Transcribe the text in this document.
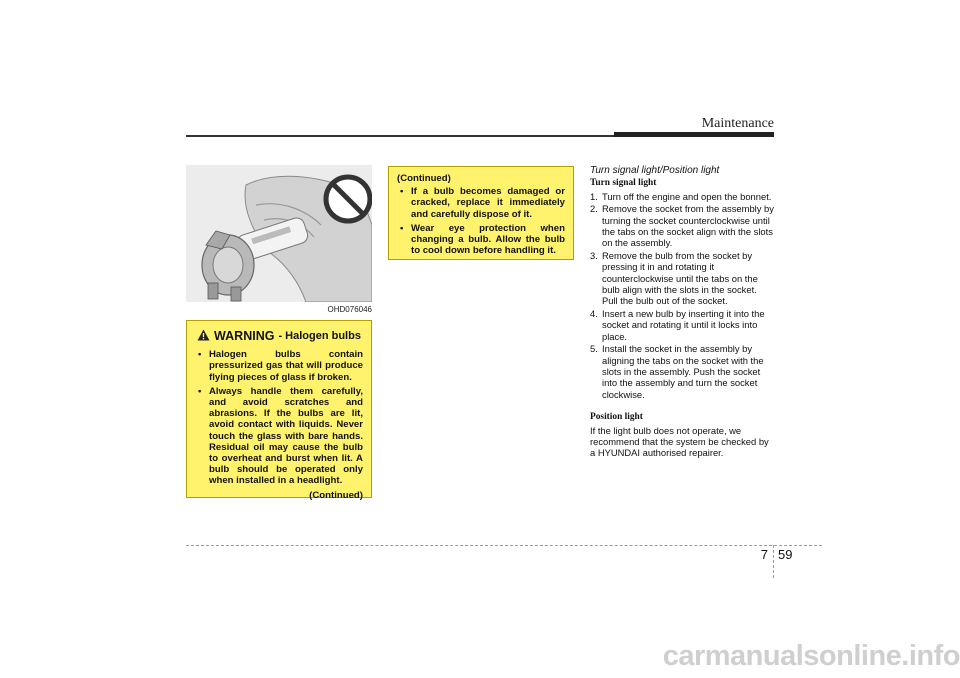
Maintenance
OHD076046
WARNING - Halogen bulbs
• Halogen bulbs contain pressurized gas that will produce flying pieces of glass if broken.
• Always handle them carefully, and avoid scratches and abrasions. If the bulbs are lit, avoid contact with liquids. Never touch the glass with bare hands. Residual oil may cause the bulb to overheat and burst when lit. A bulb should be operated only when installed in a headlight.
(Continued)
(Continued)
• If a bulb becomes damaged or cracked, replace it immediately and carefully dispose of it.
• Wear eye protection when changing a bulb. Allow the bulb to cool down before handling it.
Turn signal light/Position light
Turn signal light
1. Turn off the engine and open the bonnet.
2. Remove the socket from the assembly by turning the socket counterclockwise until the tabs on the socket align with the slots on the assembly.
3. Remove the bulb from the socket by pressing it in and rotating it counterclockwise until the tabs on the bulb align with the slots in the socket. Pull the bulb out of the socket.
4. Insert a new bulb by inserting it into the socket and rotating it until it locks into place.
5. Install the socket in the assembly by aligning the tabs on the socket with the slots in the assembly. Push the socket into the assembly and turn the socket clockwise.
Position light

If the light bulb does not operate, we recommend that the system be checked by a HYUNDAI authorised repairer.

7 59
carmanualsonline.info
